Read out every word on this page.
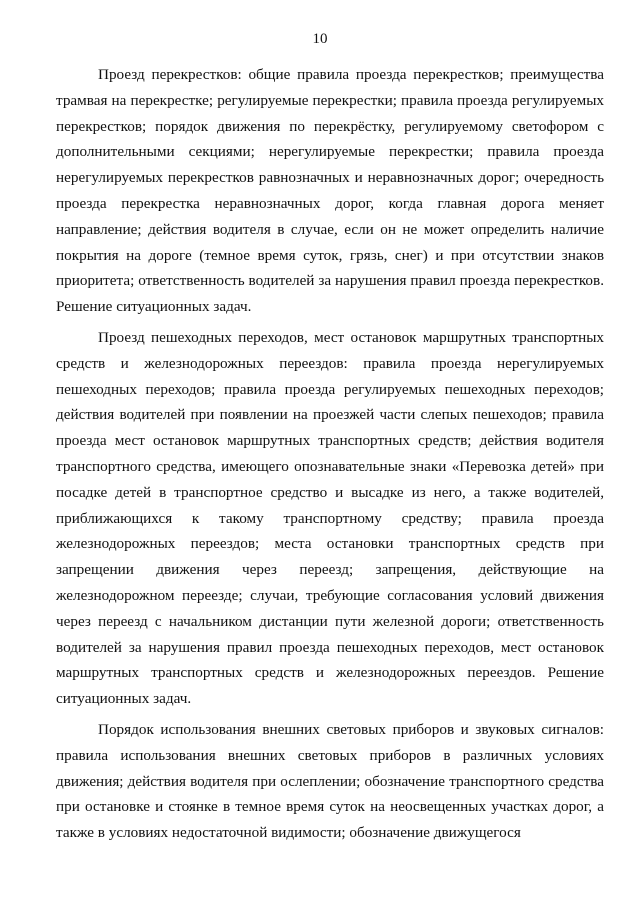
10

Проезд перекрестков: общие правила проезда перекрестков; преимущества трамвая на перекрестке; регулируемые перекрестки; правила проезда регулируемых перекрестков; порядок движения по перекрёстку, регулируемому светофором с дополнительными секциями; нерегулируемые перекрестки; правила проезда нерегулируемых перекрестков равнозначных и неравнозначных дорог; очередность проезда перекрестка неравнозначных дорог, когда главная дорога меняет направление; действия водителя в случае, если он не может определить наличие покрытия на дороге (темное время суток, грязь, снег) и при отсутствии знаков приоритета; ответственность водителей за нарушения правил проезда перекрестков. Решение ситуационных задач.

Проезд пешеходных переходов, мест остановок маршрутных транспортных средств и железнодорожных переездов: правила проезда нерегулируемых пешеходных переходов; правила проезда регулируемых пешеходных переходов; действия водителей при появлении на проезжей части слепых пешеходов; правила проезда мест остановок маршрутных транспортных средств; действия водителя транспортного средства, имеющего опознавательные знаки «Перевозка детей» при посадке детей в транспортное средство и высадке из него, а также водителей, приближающихся к такому транспортному средству; правила проезда железнодорожных переездов; места остановки транспортных средств при запрещении движения через переезд; запрещения, действующие на железнодорожном переезде; случаи, требующие согласования условий движения через переезд с начальником дистанции пути железной дороги; ответственность водителей за нарушения правил проезда пешеходных переходов, мест остановок маршрутных транспортных средств и железнодорожных переездов. Решение ситуационных задач.

Порядок использования внешних световых приборов и звуковых сигналов: правила использования внешних световых приборов в различных условиях движения; действия водителя при ослеплении; обозначение транспортного средства при остановке и стоянке в темное время суток на неосвещенных участках дорог, а также в условиях недостаточной видимости; обозначение движущегося
